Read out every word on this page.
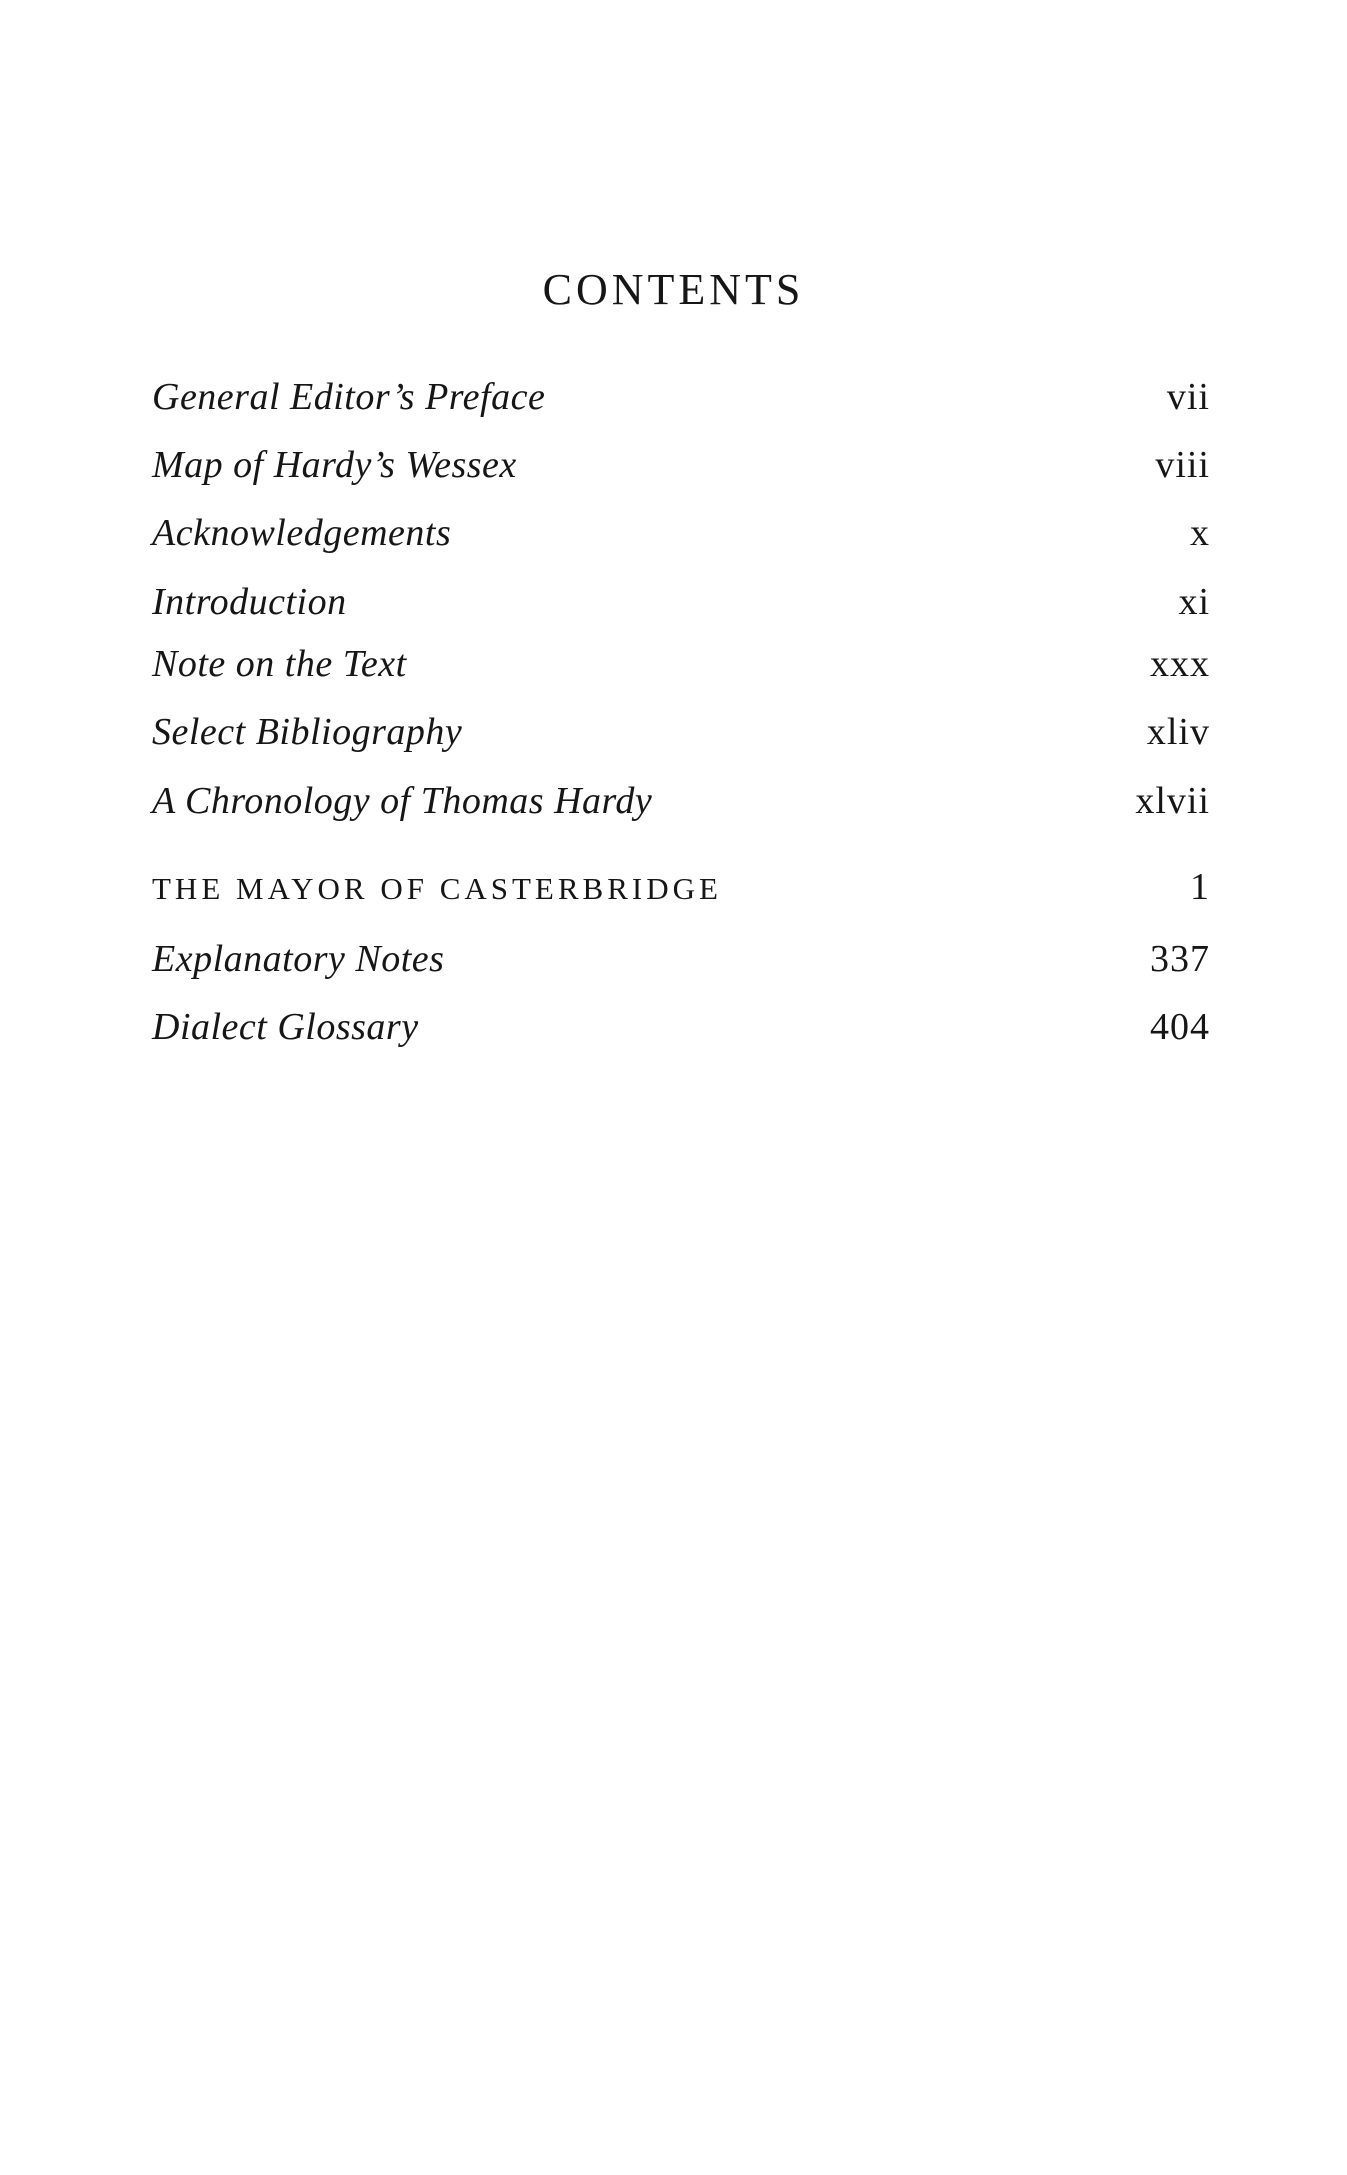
CONTENTS
General Editor’s Preface	vii
Map of Hardy’s Wessex	viii
Acknowledgements	x
Introduction	xi
Note on the Text	xxx
Select Bibliography	xliv
A Chronology of Thomas Hardy	xlvii
THE MAYOR OF CASTERBRIDGE	1
Explanatory Notes	337
Dialect Glossary	404
